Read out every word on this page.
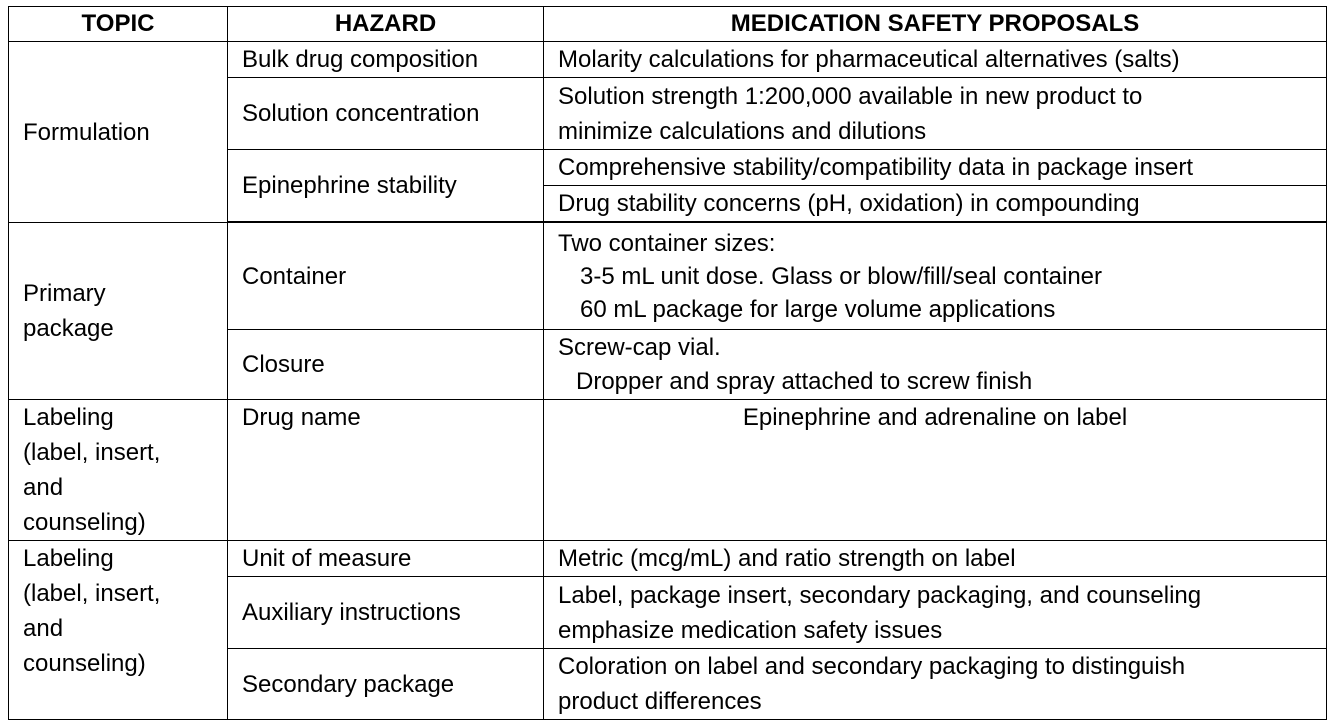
TOPIC	HAZARD	MEDICATION SAFETY PROPOSALS
Formulation	Bulk drug composition	Molarity calculations for pharmaceutical alternatives (salts)
	Solution concentration	Solution strength 1:200,000 available in new product to
minimize calculations and dilutions

	Epinephrine stability	Comprehensive stability/compatibility data in package insert
		Drug stability concerns (pH, oxidation) in compounding

Primary
package	Container	Two container sizes:
3-5 mL unit dose. Glass or blow/fill/seal container
60 mL package for large volume applications

	Closure	Screw-cap vial.
Dropper and spray attached to screw finish

Labeling
(label, insert,
and
counseling)	Drug name	Epinephrine and adrenaline on label

Labeling
(label, insert,
and
counseling)	Unit of measure	Metric (mcg/mL) and ratio strength on label
	Auxiliary instructions	Label, package insert, secondary packaging, and counseling
emphasize medication safety issues

	Secondary package	Coloration on label and secondary packaging to distinguish
product differences
